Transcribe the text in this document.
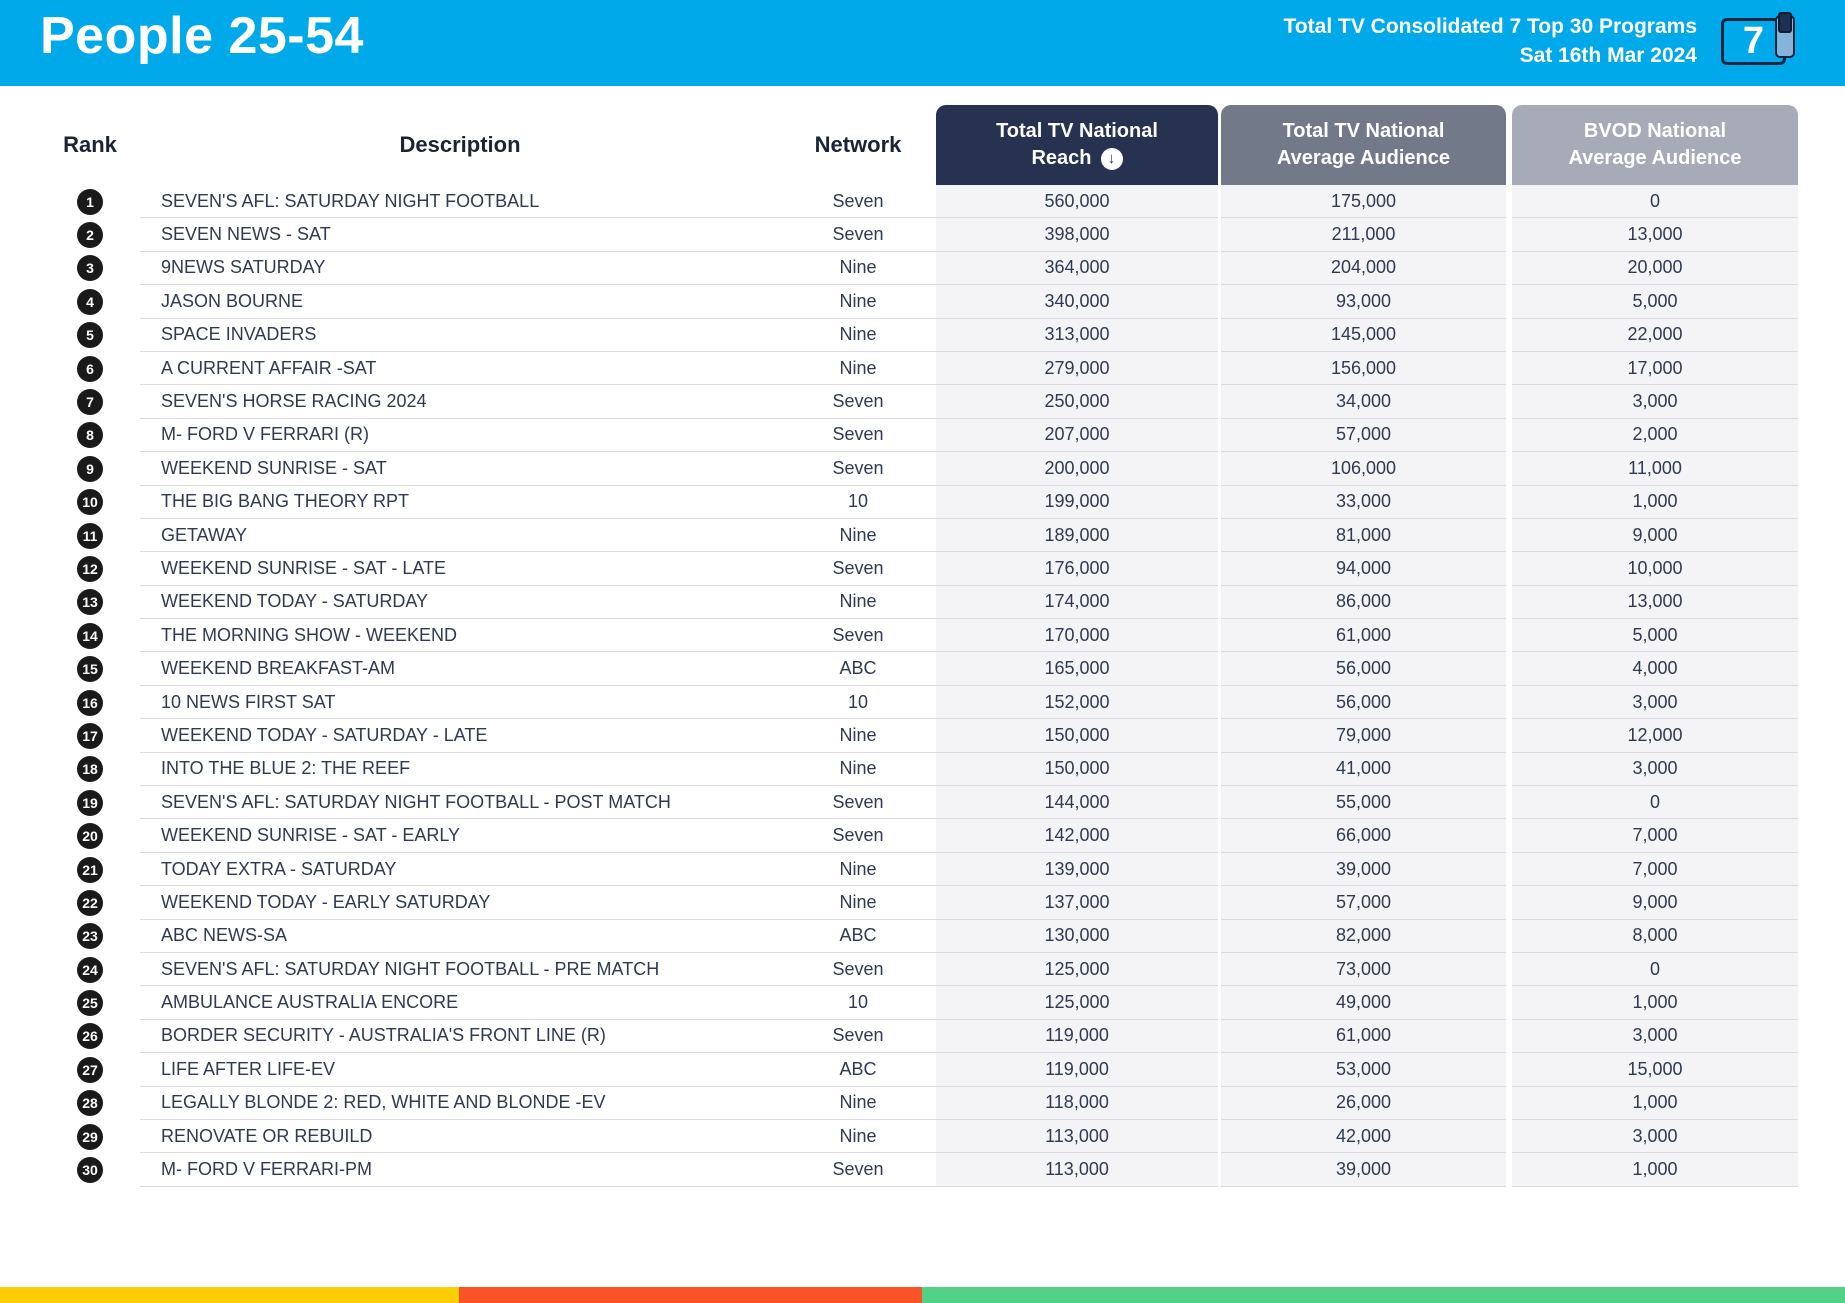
People 25-54	Total TV Consolidated 7 Top 30 Programs
Sat 16th Mar 2024	7
Rank	Description	Network
Total TV National
Reach	↓
Total TV National
Average Audience
BVOD National
Average Audience
1	SEVEN'S AFL: SATURDAY NIGHT FOOTBALL	Seven	560,000	175,000	0
2	SEVEN NEWS - SAT	Seven	398,000	211,000	13,000
3	9NEWS SATURDAY	Nine	364,000	204,000	20,000
4	JASON BOURNE	Nine	340,000	93,000	5,000
5	SPACE INVADERS	Nine	313,000	145,000	22,000
6	A CURRENT AFFAIR -SAT	Nine	279,000	156,000	17,000
7	SEVEN'S HORSE RACING 2024	Seven	250,000	34,000	3,000
8	M- FORD V FERRARI (R)	Seven	207,000	57,000	2,000
9	WEEKEND SUNRISE - SAT	Seven	200,000	106,000	11,000
10	THE BIG BANG THEORY RPT	10	199,000	33,000	1,000
11	GETAWAY	Nine	189,000	81,000	9,000
12	WEEKEND SUNRISE - SAT - LATE	Seven	176,000	94,000	10,000
13	WEEKEND TODAY - SATURDAY	Nine	174,000	86,000	13,000
14	THE MORNING SHOW - WEEKEND	Seven	170,000	61,000	5,000
15	WEEKEND BREAKFAST-AM	ABC	165,000	56,000	4,000
16	10 NEWS FIRST SAT	10	152,000	56,000	3,000
17	WEEKEND TODAY - SATURDAY - LATE	Nine	150,000	79,000	12,000
18	INTO THE BLUE 2: THE REEF	Nine	150,000	41,000	3,000
19	SEVEN'S AFL: SATURDAY NIGHT FOOTBALL - POST MATCH	Seven	144,000	55,000	0
20	WEEKEND SUNRISE - SAT - EARLY	Seven	142,000	66,000	7,000
21	TODAY EXTRA - SATURDAY	Nine	139,000	39,000	7,000
22	WEEKEND TODAY - EARLY SATURDAY	Nine	137,000	57,000	9,000
23	ABC NEWS-SA	ABC	130,000	82,000	8,000
24	SEVEN'S AFL: SATURDAY NIGHT FOOTBALL - PRE MATCH	Seven	125,000	73,000	0
25	AMBULANCE AUSTRALIA ENCORE	10	125,000	49,000	1,000
26	BORDER SECURITY - AUSTRALIA'S FRONT LINE (R)	Seven	119,000	61,000	3,000
27	LIFE AFTER LIFE-EV	ABC	119,000	53,000	15,000
28	LEGALLY BLONDE 2: RED, WHITE AND BLONDE -EV	Nine	118,000	26,000	1,000
29	RENOVATE OR REBUILD	Nine	113,000	42,000	3,000
30	M- FORD V FERRARI-PM	Seven	113,000	39,000	1,000
